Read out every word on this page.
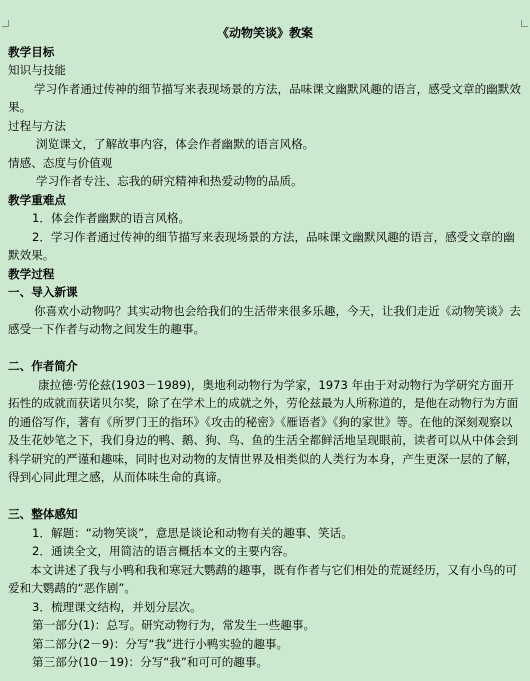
《动物笑谈》教案
教学目标
知识与技能
学习作者通过传神的细节描写来表现场景的方法，品味课文幽默风趣的语言，感受文章的幽默效果。
过程与方法
浏览课文，了解故事内容，体会作者幽默的语言风格。
情感、态度与价值观
学习作者专注、忘我的研究精神和热爱动物的品质。
教学重难点
1．体会作者幽默的语言风格。
2．学习作者通过传神的细节描写来表现场景的方法，品味课文幽默风趣的语言，感受文章的幽默效果。
教学过程
一、导入新课
你喜欢小动物吗？其实动物也会给我们的生活带来很多乐趣，今天，让我们走近《动物笑谈》去感受一下作者与动物之间发生的趣事。
二、作者简介
康拉德·劳伦兹(1903－1989)，奥地利动物行为学家，1973 年由于对动物行为学研究方面开拓性的成就而获诺贝尔奖，除了在学术上的成就之外，劳伦兹最为人所称道的，是他在动物行为方面的通俗写作，著有《所罗门王的指环》《攻击的秘密》《雁语者》《狗的家世》等。在他的深刻观察以及生花妙笔之下，我们身边的鸭、鹅、狗、鸟、鱼的生活全都鲜活地呈现眼前，读者可以从中体会到科学研究的严谨和趣味，同时也对动物的友情世界及相类似的人类行为本身，产生更深一层的了解，得到心同此理之感，从而体味生命的真谛。
三、整体感知
1．解题：“动物笑谈”，意思是谈论和动物有关的趣事、笑话。
2．通读全文，用简洁的语言概括本文的主要内容。
本文讲述了我与小鸭和我和寒冠大鹦鹉的趣事，既有作者与它们相处的荒诞经历，又有小鸟的可爱和大鹦鹉的“恶作剧”。
3．梳理课文结构，并划分层次。
第一部分(1)：总写。研究动物行为，常发生一些趣事。
第二部分(2－9)：分写“我”进行小鸭实验的趣事。
第三部分(10－19)：分写“我”和可可的趣事。
